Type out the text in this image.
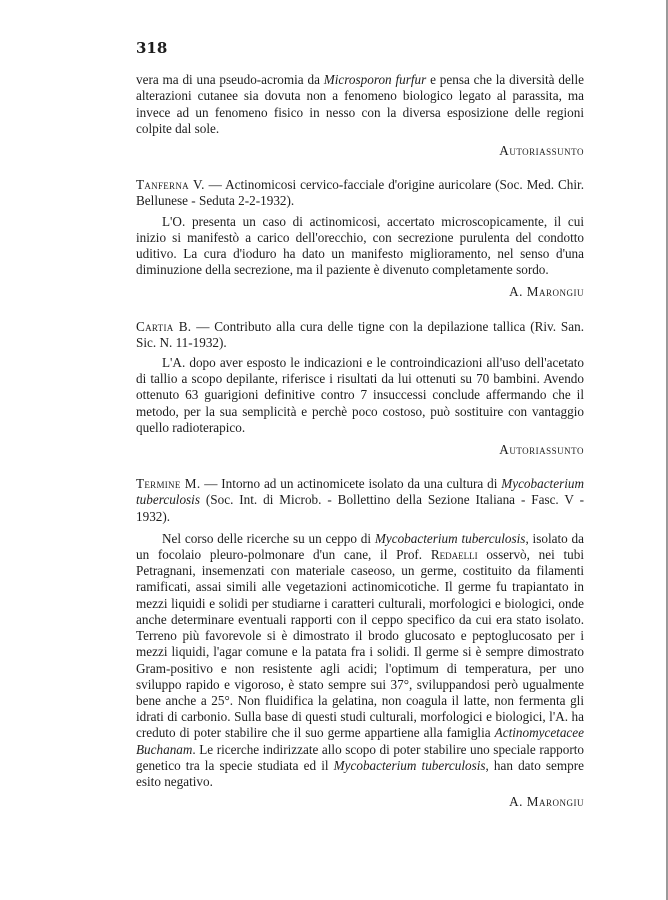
318

vera ma di una pseudo-acromia da Microsporon furfur e pensa che la diversità delle alterazioni cutanee sia dovuta non a fenomeno biologico legato al parassita, ma invece ad un fenomeno fisico in nesso con la diversa esposizione delle regioni colpite dal sole.

Autoriassunto

Tanferna V. — Actinomicosi cervico-facciale d'origine auricolare (Soc. Med. Chir. Bellunese - Seduta 2-2-1932).

L'O. presenta un caso di actinomicosi, accertato microscopicamente, il cui inizio si manifestò a carico dell'orecchio, con secrezione purulenta del condotto uditivo. La cura d'ioduro ha dato un manifesto miglioramento, nel senso d'una diminuzione della secrezione, ma il paziente è divenuto completamente sordo.

A. Marongiu

Cartia B. — Contributo alla cura delle tigne con la depilazione tallica (Riv. San. Sic. N. 11-1932).

L'A. dopo aver esposto le indicazioni e le controindicazioni all'uso dell'acetato di tallio a scopo depilante, riferisce i risultati da lui ottenuti su 70 bambini. Avendo ottenuto 63 guarigioni definitive contro 7 insuccessi conclude affermando che il metodo, per la sua semplicità e perchè poco costoso, può sostituire con vantaggio quello radioterapico.

Autoriassunto

Termine M. — Intorno ad un actinomicete isolato da una cultura di Mycobacterium tuberculosis (Soc. Int. di Microb. - Bollettino della Sezione Italiana - Fasc. V - 1932).

Nel corso delle ricerche su un ceppo di Mycobacterium tuberculosis, isolato da un focolaio pleuro-polmonare d'un cane, il Prof. Redaelli osservò, nei tubi Petragnani, insemenzati con materiale caseoso, un germe, costituito da filamenti ramificati, assai simili alle vegetazioni actinomicotiche. Il germe fu trapiantato in mezzi liquidi e solidi per studiarne i caratteri culturali, morfologici e biologici, onde anche determinare eventuali rapporti con il ceppo specifico da cui era stato isolato. Terreno più favorevole si è dimostrato il brodo glucosato e peptoglucosato per i mezzi liquidi, l'agar comune e la patata fra i solidi. Il germe si è sempre dimostrato Gram-positivo e non resistente agli acidi; l'optimum di temperatura, per uno sviluppo rapido e vigoroso, è stato sempre sui 37°, sviluppandosi però ugualmente bene anche a 25°. Non fluidifica la gelatina, non coagula il latte, non fermenta gli idrati di carbonio. Sulla base di questi studi culturali, morfologici e biologici, l'A. ha creduto di poter stabilire che il suo germe appartiene alla famiglia Actinomycetacee Buchanam. Le ricerche indirizzate allo scopo di poter stabilire uno speciale rapporto genetico tra la specie studiata ed il Mycobacterium tuberculosis, han dato sempre esito negativo.

A. Marongiu
